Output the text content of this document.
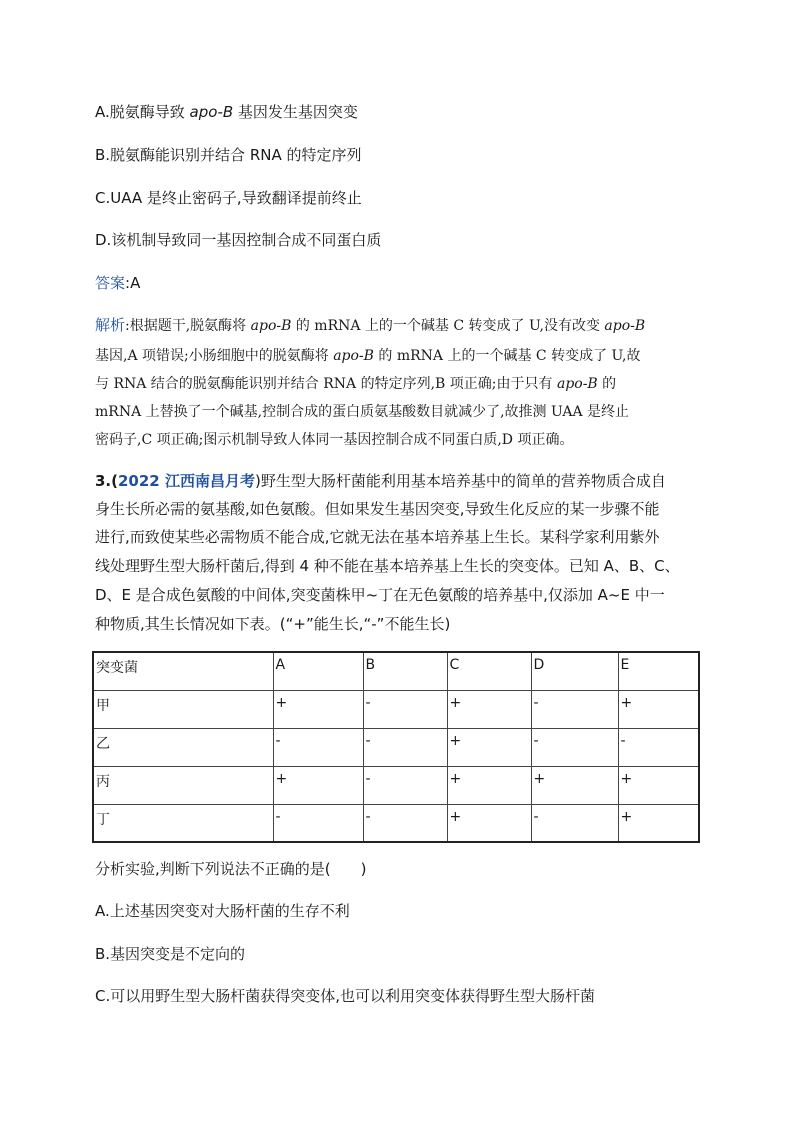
A.脱氨酶导致 apo-B 基因发生基因突变
B.脱氨酶能识别并结合 RNA 的特定序列
C.UAA 是终止密码子,导致翻译提前终止
D.该机制导致同一基因控制合成不同蛋白质
答案:A
解析:根据题干,脱氨酶将 apo-B 的 mRNA 上的一个碱基 C 转变成了 U,没有改变 apo-B
基因,A 项错误;小肠细胞中的脱氨酶将 apo-B 的 mRNA 上的一个碱基 C 转变成了 U,故
与 RNA 结合的脱氨酶能识别并结合 RNA 的特定序列,B 项正确;由于只有 apo-B 的
mRNA 上替换了一个碱基,控制合成的蛋白质氨基酸数目就减少了,故推测 UAA 是终止
密码子,C 项正确;图示机制导致人体同一基因控制合成不同蛋白质,D 项正确。
3.(2022 江西南昌月考)野生型大肠杆菌能利用基本培养基中的简单的营养物质合成自
身生长所必需的氨基酸,如色氨酸。但如果发生基因突变,导致生化反应的某一步骤不能
进行,而致使某些必需物质不能合成,它就无法在基本培养基上生长。某科学家利用紫外
线处理野生型大肠杆菌后,得到 4 种不能在基本培养基上生长的突变体。已知 A、B、C、
D、E 是合成色氨酸的中间体,突变菌株甲~丁在无色氨酸的培养基中,仅添加 A~E 中一
种物质,其生长情况如下表。(“+”能生长,“-”不能生长)
突变菌	A	B	C	D	E
甲	+	-	+	-	+
乙	-	-	+	-	-
丙	+	-	+	+	+
丁	-	-	+	-	+
分析实验,判断下列说法不正确的是(　　)
A.上述基因突变对大肠杆菌的生存不利
B.基因突变是不定向的
C.可以用野生型大肠杆菌获得突变体,也可以利用突变体获得野生型大肠杆菌
